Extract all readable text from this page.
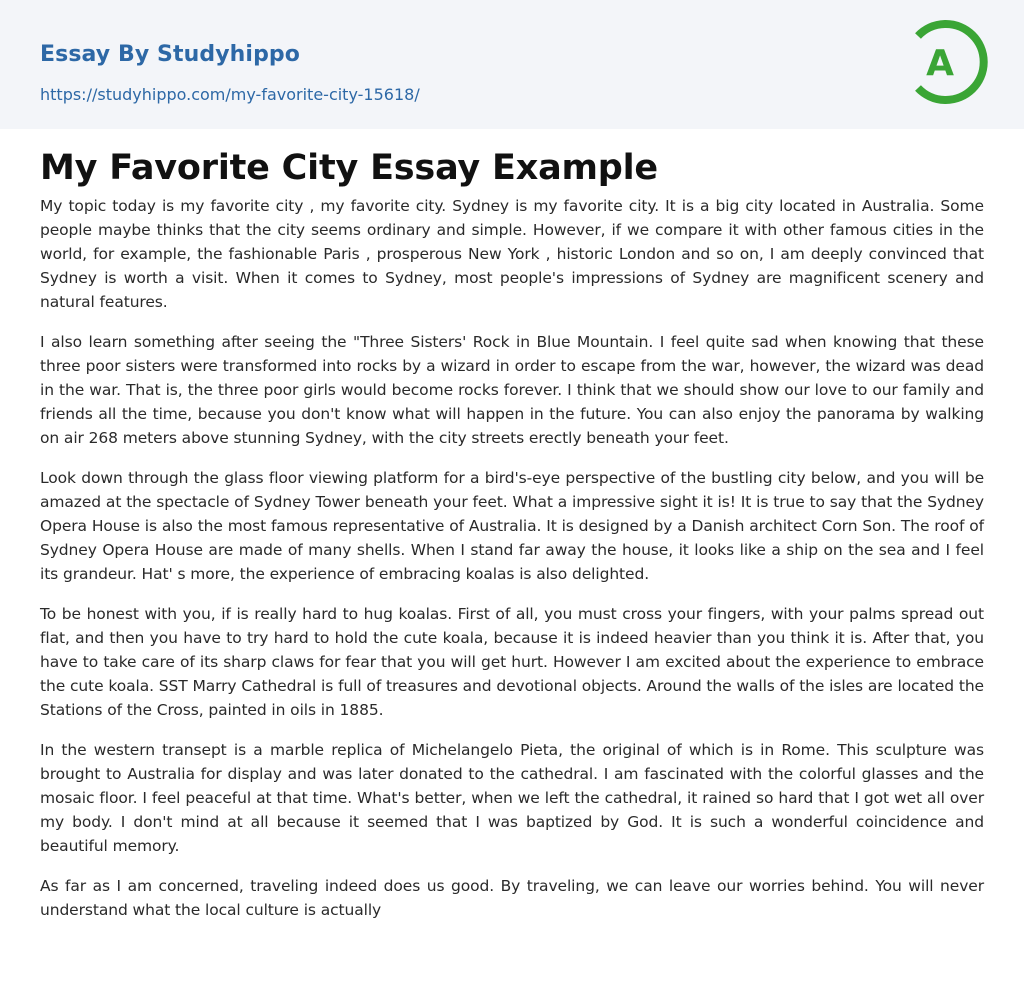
Essay By Studyhippo
https://studyhippo.com/my-favorite-city-15618/
A
My Favorite City Essay Example

My topic today is my favorite city , my favorite city. Sydney is my favorite city. It is a big city located in Australia. Some people maybe thinks that the city seems ordinary and simple. However, if we compare it with other famous cities in the world, for example, the fashionable Paris , prosperous New York , historic London and so on, I am deeply convinced that Sydney is worth a visit. When it comes to Sydney, most people's impressions of Sydney are magnificent scenery and natural features.

I also learn something after seeing the "Three Sisters' Rock in Blue Mountain. I feel quite sad when knowing that these three poor sisters were transformed into rocks by a wizard in order to escape from the war, however, the wizard was dead in the war. That is, the three poor girls would become rocks forever. I think that we should show our love to our family and friends all the time, because you don't know what will happen in the future. You can also enjoy the panorama by walking on air 268 meters above stunning Sydney, with the city streets erectly beneath your feet.

Look down through the glass floor viewing platform for a bird's-eye perspective of the bustling city below, and you will be amazed at the spectacle of Sydney Tower beneath your feet. What a impressive sight it is! It is true to say that the Sydney Opera House is also the most famous representative of Australia. It is designed by a Danish architect Corn Son. The roof of Sydney Opera House are made of many shells. When I stand far away the house, it looks like a ship on the sea and I feel its grandeur. Hat' s more, the experience of embracing koalas is also delighted.

To be honest with you, if is really hard to hug koalas. First of all, you must cross your fingers, with your palms spread out flat, and then you have to try hard to hold the cute koala, because it is indeed heavier than you think it is. After that, you have to take care of its sharp claws for fear that you will get hurt. However I am excited about the experience to embrace the cute koala. SST Marry Cathedral is full of treasures and devotional objects. Around the walls of the isles are located the Stations of the Cross, painted in oils in 1885.

In the western transept is a marble replica of Michelangelo Pieta, the original of which is in Rome. This sculpture was brought to Australia for display and was later donated to the cathedral. I am fascinated with the colorful glasses and the mosaic floor. I feel peaceful at that time. What's better, when we left the cathedral, it rained so hard that I got wet all over my body. I don't mind at all because it seemed that I was baptized by God. It is such a wonderful coincidence and beautiful memory.

As far as I am concerned, traveling indeed does us good. By traveling, we can leave our worries behind. You will never understand what the local culture is actually
